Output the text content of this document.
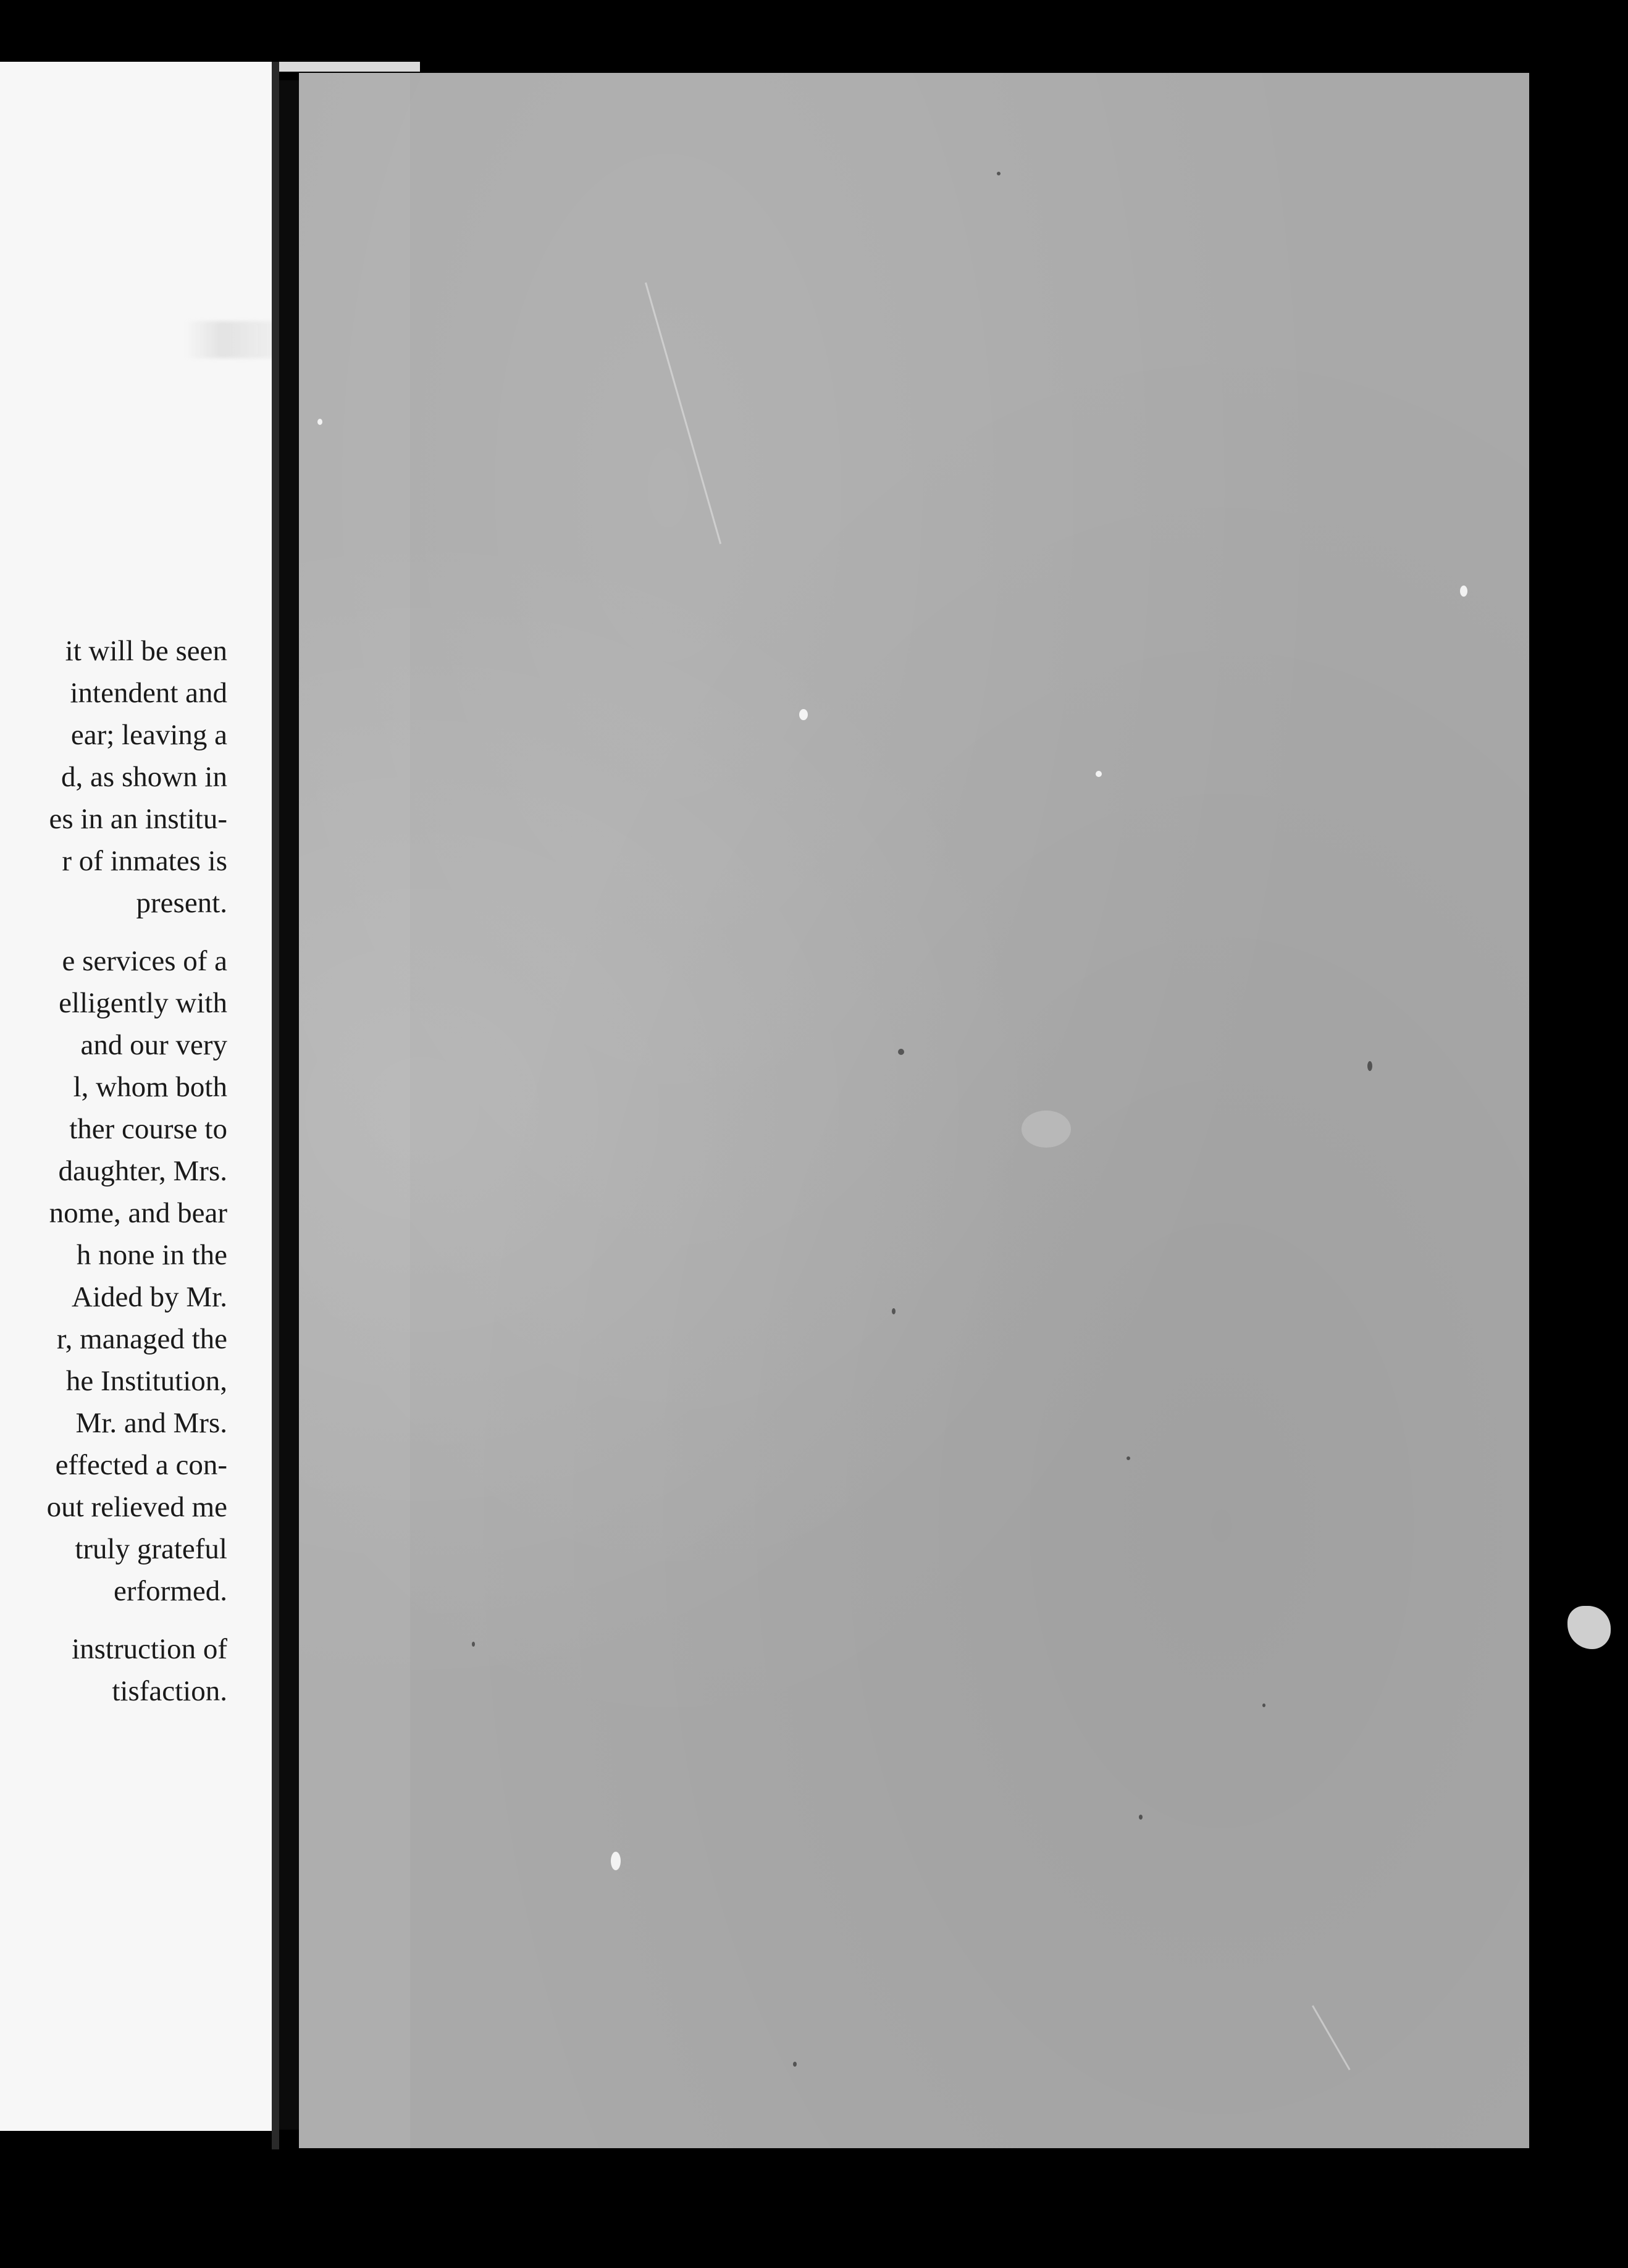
it will be seen
intendent and
ear; leaving a
d, as shown in
es in an institu-
r of inmates is
present.
e services of a
elligently with
and our very
l, whom both
ther course to
daughter, Mrs.
nome, and bear
h none in the
Aided by Mr.
r, managed the
he Institution,
Mr. and Mrs.
effected a con-
out relieved me
truly grateful
erformed.
instruction of
tisfaction.
